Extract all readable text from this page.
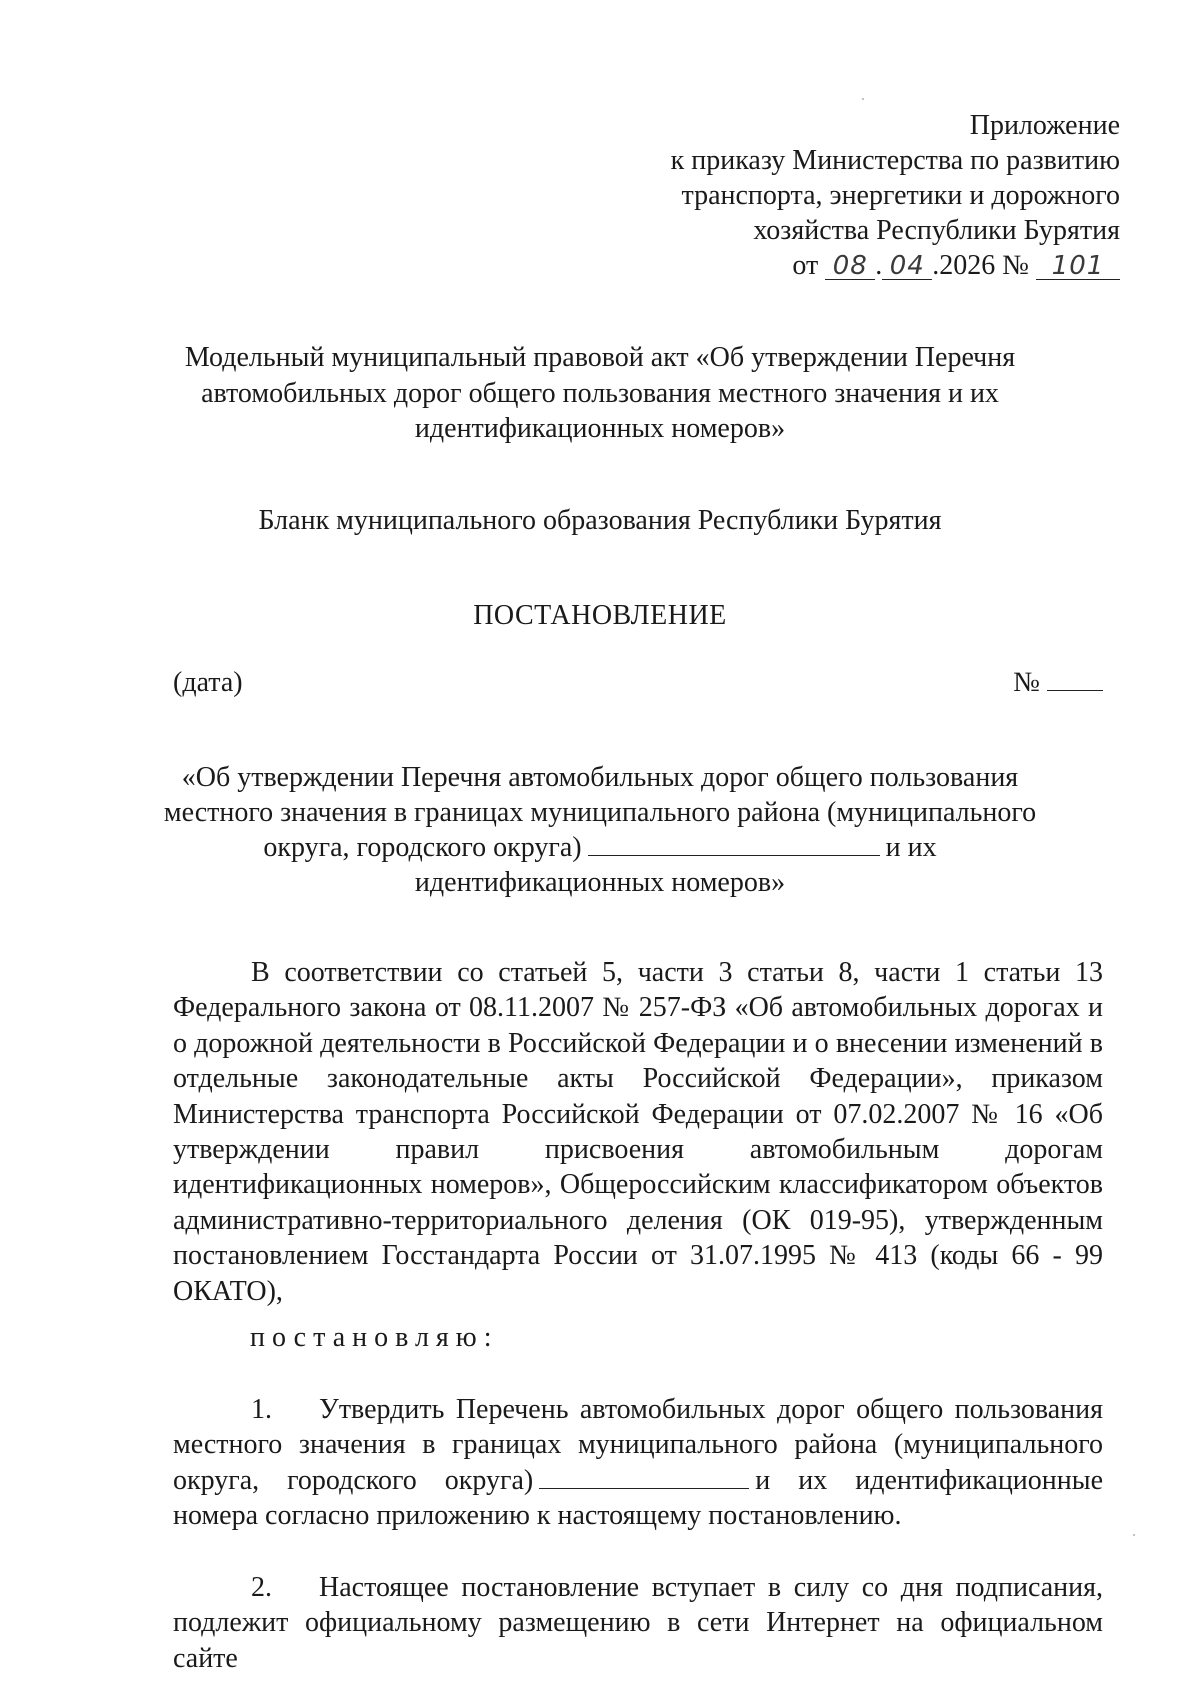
Приложение
к приказу Министерства по развитию
транспорта, энергетики и дорожного
хозяйства Республики Бурятия
от 08 . 04 .2026 № 101
Модельный муниципальный правовой акт «Об утверждении Перечня
автомобильных дорог общего пользования местного значения и их
идентификационных номеров»
Бланк муниципального образования Республики Бурятия
ПОСТАНОВЛЕНИЕ
(дата)	№
«Об утверждении Перечня автомобильных дорог общего пользования
местного значения в границах муниципального района (муниципального
округа, городского округа)	и их
идентификационных номеров»
В соответствии со статьей 5, части 3 статьи 8, части 1 статьи 13 Федерального закона от 08.11.2007 № 257-ФЗ «Об автомобильных дорогах и о дорожной деятельности в Российской Федерации и о внесении изменений в отдельные законодательные акты Российской Федерации», приказом Министерства транспорта Российской Федерации от 07.02.2007 № 16 «Об утверждении правил присвоения автомобильным дорогам идентификационных номеров», Общероссийским классификатором объектов административно-территориального деления (ОК 019-95), утвержденным постановлением Госстандарта России от 31.07.1995 № 413 (коды 66 - 99 ОКАТО),
постановляю:
1. Утвердить Перечень автомобильных дорог общего пользования местного значения в границах муниципального района (муниципального округа, городского округа)	и их идентификационные номера согласно приложению к настоящему постановлению.
2. Настоящее постановление вступает в силу со дня подписания, подлежит официальному размещению в сети Интернет на официальном сайте
